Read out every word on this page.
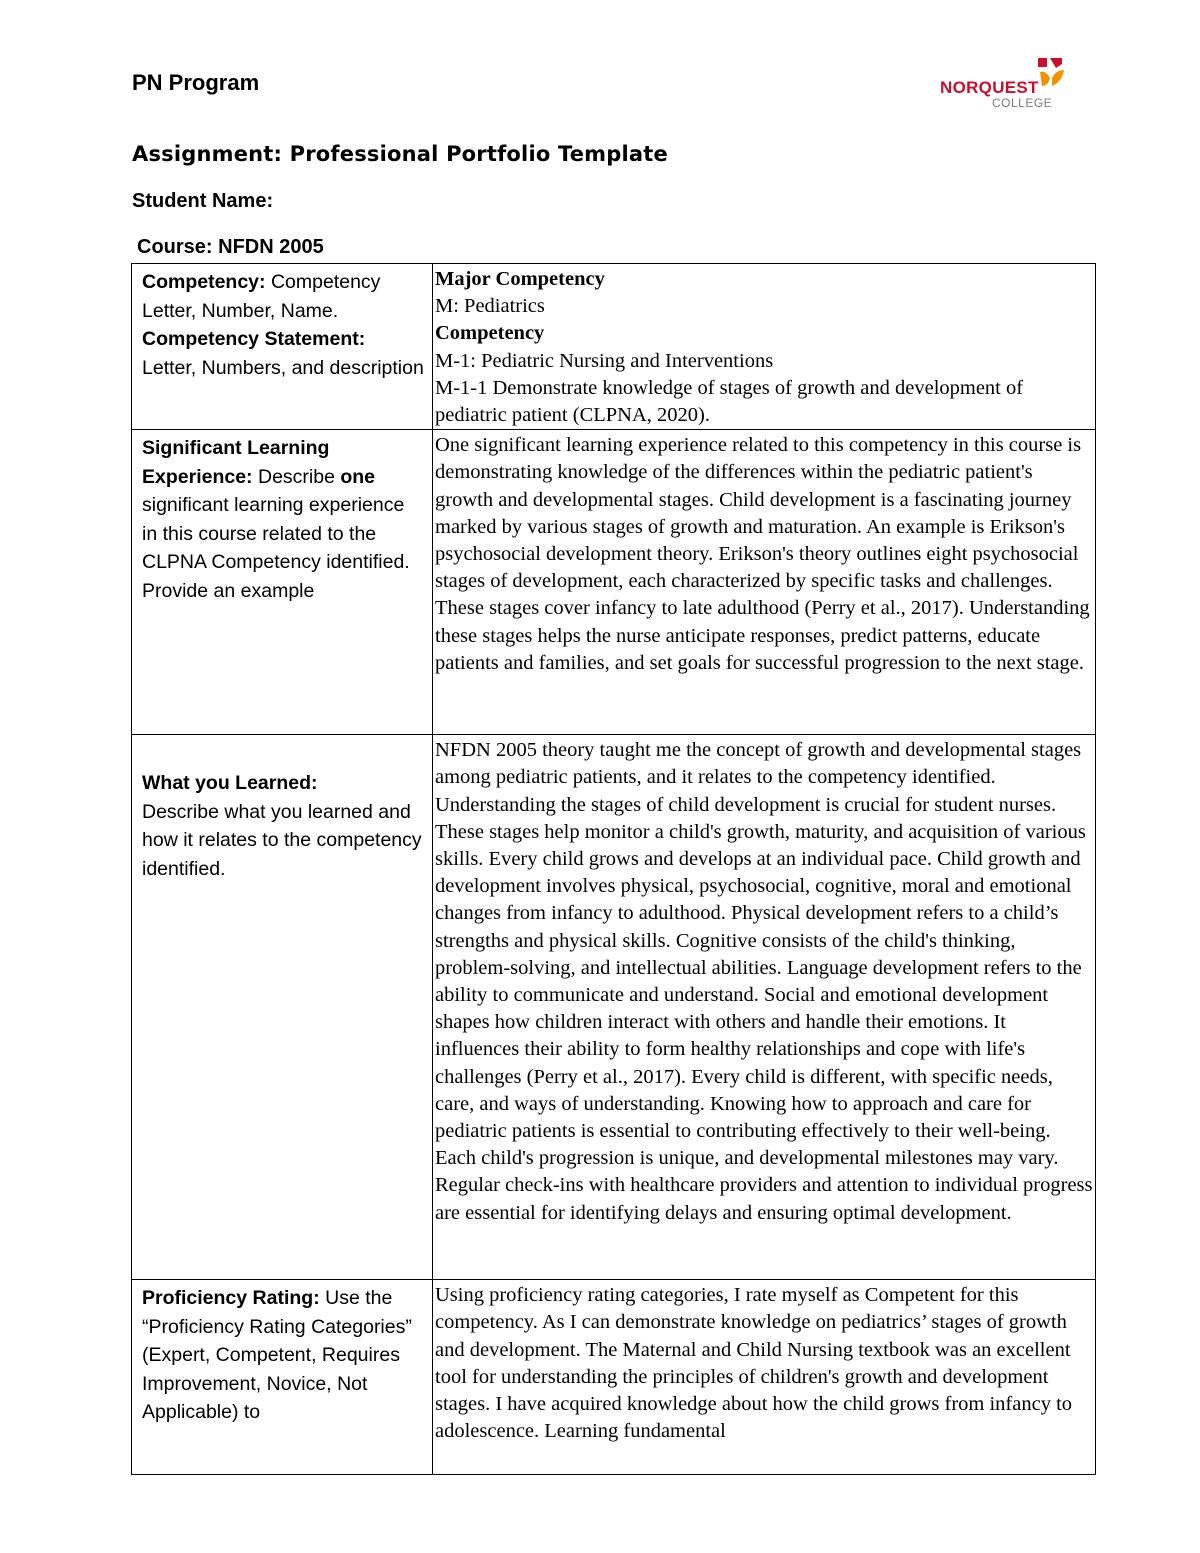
PN Program	NORQUEST
COLLEGE
Assignment: Professional Portfolio Template
Student Name:
Course: NFDN 2005
Competency: Competency Letter, Number, Name.
Competency Statement:
Letter, Numbers, and description	Major Competency
M: Pediatrics
Competency
M-1: Pediatric Nursing and Interventions
M-1-1 Demonstrate knowledge of stages of growth and development of pediatric patient (CLPNA, 2020).

Significant Learning Experience: Describe one significant learning experience in this course related to the CLPNA Competency identified. Provide an example	One significant learning experience related to this competency in this course is demonstrating knowledge of the differences within the pediatric patient's growth and developmental stages. Child development is a fascinating journey marked by various stages of growth and maturation. An example is Erikson's psychosocial development theory. Erikson's theory outlines eight psychosocial stages of development, each characterized by specific tasks and challenges. These stages cover infancy to late adulthood (Perry et al., 2017). Understanding these stages helps the nurse anticipate responses, predict patterns, educate patients and families, and set goals for successful progression to the next stage.

What you Learned:
Describe what you learned and how it relates to the competency identified.	NFDN 2005 theory taught me the concept of growth and developmental stages among pediatric patients, and it relates to the competency identified. Understanding the stages of child development is crucial for student nurses. These stages help monitor a child's growth, maturity, and acquisition of various skills. Every child grows and develops at an individual pace. Child growth and development involves physical, psychosocial, cognitive, moral and emotional changes from infancy to adulthood. Physical development refers to a child’s strengths and physical skills. Cognitive consists of the child's thinking, problem-solving, and intellectual abilities. Language development refers to the ability to communicate and understand. Social and emotional development shapes how children interact with others and handle their emotions. It influences their ability to form healthy relationships and cope with life's challenges (Perry et al., 2017). Every child is different, with specific needs, care, and ways of understanding. Knowing how to approach and care for pediatric patients is essential to contributing effectively to their well-being. Each child's progression is unique, and developmental milestones may vary. Regular check-ins with healthcare providers and attention to individual progress are essential for identifying delays and ensuring optimal development.
Proficiency Rating: Use the “Proficiency Rating Categories” (Expert, Competent, Requires Improvement, Novice, Not Applicable) to	Using proficiency rating categories, I rate myself as Competent for this competency. As I can demonstrate knowledge on pediatrics’ stages of growth and development. The Maternal and Child Nursing textbook was an excellent tool for understanding the principles of children's growth and development stages. I have acquired knowledge about how the child grows from infancy to adolescence. Learning fundamental
